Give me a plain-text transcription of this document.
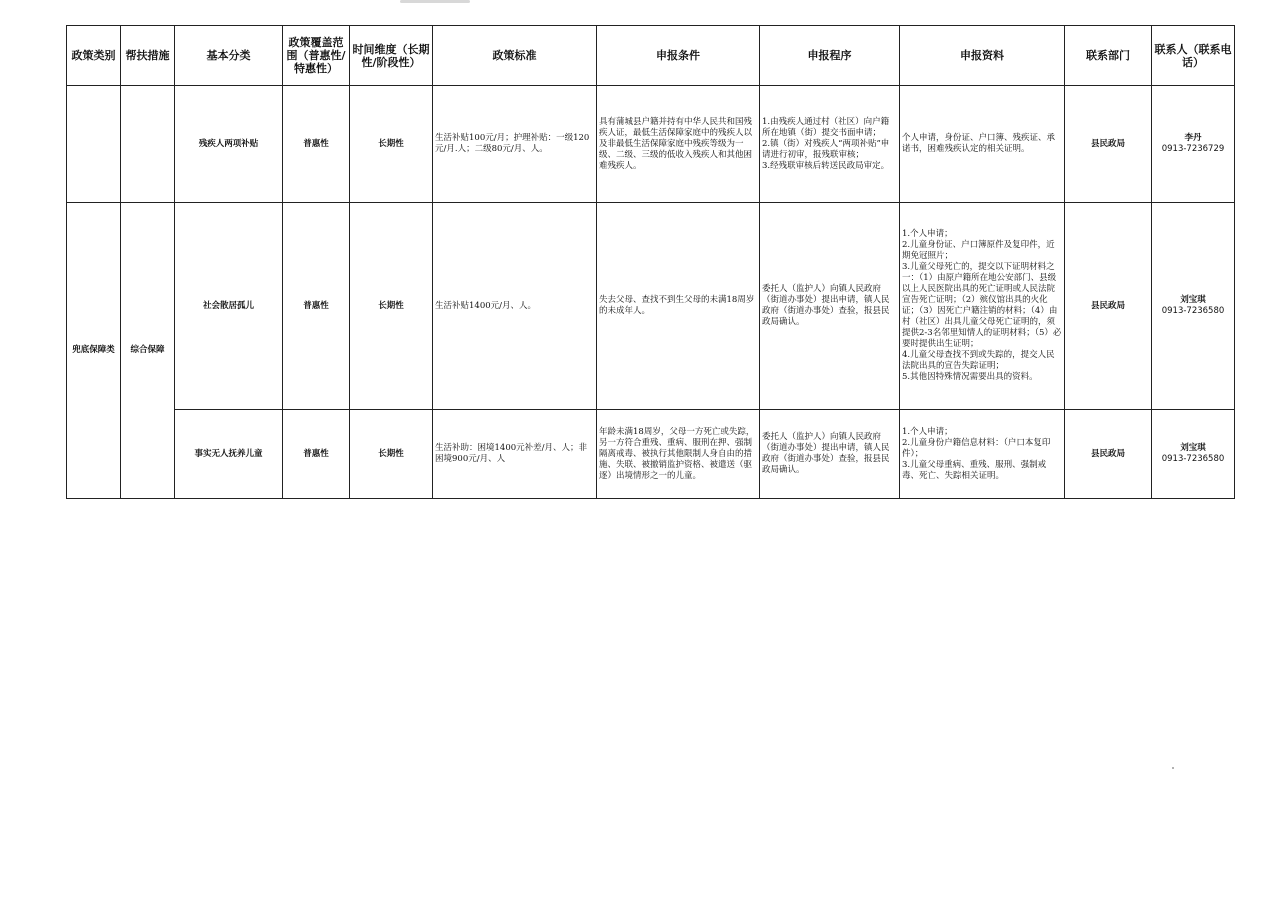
政策类别	帮扶措施	基本分类	政策覆盖范围（普惠性/特惠性）	时间维度（长期性/阶段性）	政策标准	申报条件	申报程序	申报资料	联系部门	联系人（联系电话）
		残疾人两项补贴	普惠性	长期性	生活补贴100元/月；护理补贴：一级120元/月.人；二级80元/月、人。	具有蒲城县户籍并持有中华人民共和国残疾人证，最低生活保障家庭中的残疾人以及非最低生活保障家庭中残疾等级为一级、二级、三级的低收入残疾人和其他困难残疾人。	1.由残疾人通过村（社区）向户籍所在地镇（街）提交书面申请；
2.镇（街）对残疾人“两项补贴”申请进行初审，报残联审核；
3.经残联审核后转送民政局审定。	个人申请，身份证、户口簿、残疾证、承诺书，困难残疾认定的相关证明。	县民政局	李丹
0913-7236729

兜底保障类	综合保障	社会散居孤儿	普惠性	长期性	生活补贴1400元/月、人。	失去父母、查找不到生父母的未满18周岁的未成年人。	委托人（监护人）向镇人民政府（街道办事处）提出申请，镇人民政府（街道办事处）查验，报县民政局确认。	1.个人申请；
2.儿童身份证、户口簿原件及复印件，近期免冠照片；
3.儿童父母死亡的，提交以下证明材料之一：（1）由原户籍所在地公安部门、县级以上人民医院出具的死亡证明或人民法院宣告死亡证明；（2）殡仪馆出具的火化证；（3）因死亡户籍注销的材料；（4）由村（社区）出具儿童父母死亡证明的，须提供2-3名邻里知情人的证明材料；（5）必要时提供出生证明；
4.儿童父母查找不到或失踪的，提交人民法院出具的宣告失踪证明；
5.其他因特殊情况需要出具的资料。	县民政局	刘宝琪
0913-7236580

		事实无人抚养儿童	普惠性	长期性	生活补助：困境1400元补差/月、人；非困境900元/月、人	年龄未满18周岁，父母一方死亡或失踪，另一方符合重残、重病、服刑在押、强制隔离戒毒、被执行其他限制人身自由的措施、失联、被撤销监护资格、被遣送（驱逐）出境情形之一的儿童。	委托人（监护人）向镇人民政府（街道办事处）提出申请，镇人民政府（街道办事处）查验，报县民政局确认。	1.个人申请；
2.儿童身份户籍信息材料：（户口本复印件）；
3.儿童父母重病、重残、服刑、强制戒毒、死亡、失踪相关证明。	县民政局	刘宝琪
0913-7236580
